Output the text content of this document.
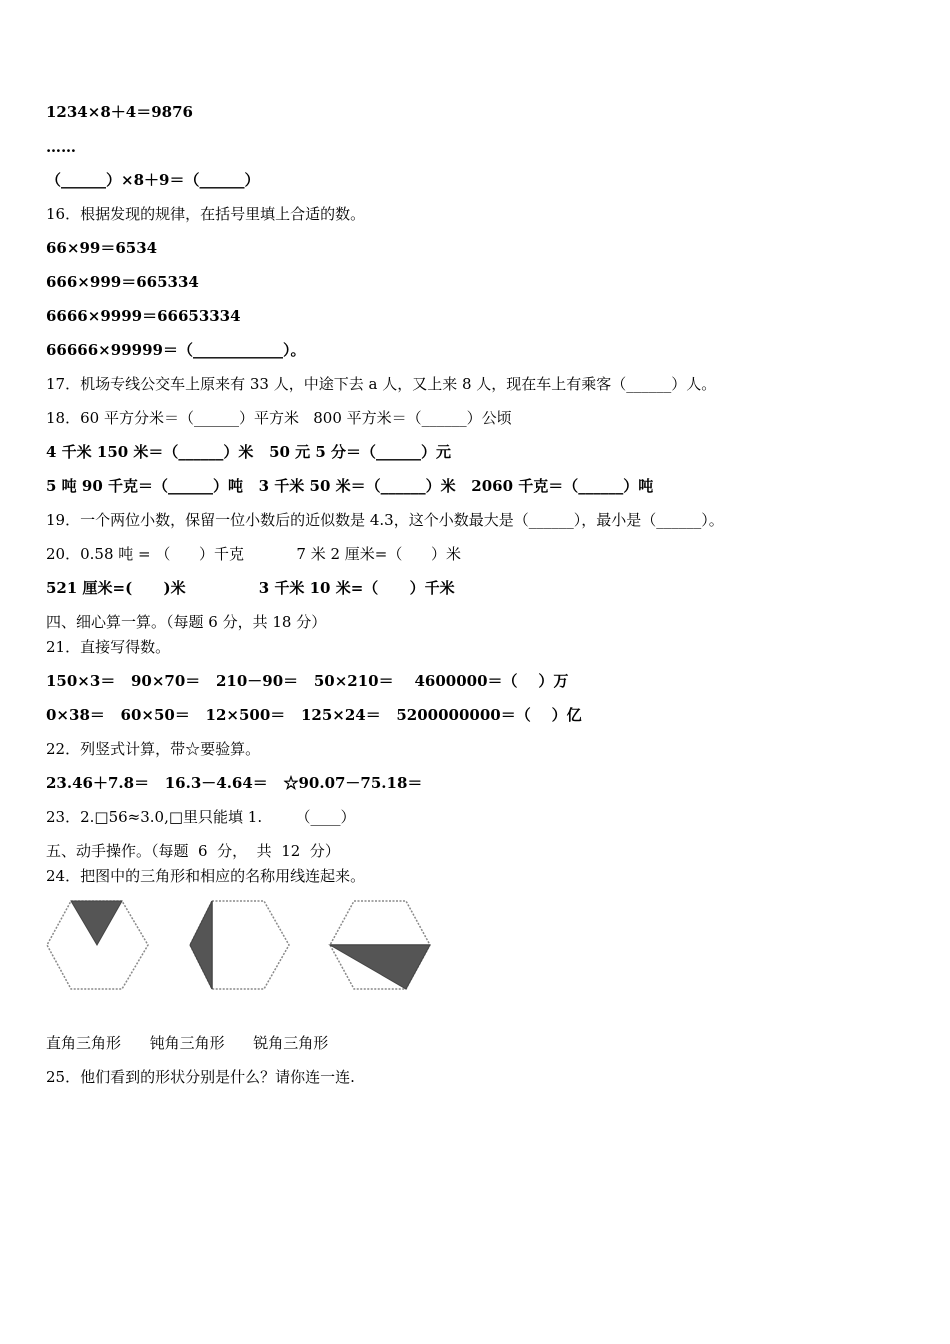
1234×8＋4＝9876
……
（______）×8＋9＝（______）
16．根据发现的规律，在括号里填上合适的数。
66×99＝6534
666×999＝665334
6666×9999＝66653334
66666×99999＝（____________）。
17．机场专线公交车上原来有 33 人，中途下去 a 人，又上来 8 人，现在车上有乘客（______）人。
18．60 平方分米＝（______）平方米   800 平方米＝（______）公顷
4 千米 150 米＝（______）米   50 元 5 分＝（______）元
5 吨 90 千克＝（______）吨   3 千米 50 米＝（______）米   2060 千克＝（______）吨
19．一个两位小数，保留一位小数后的近似数是 4.3，这个小数最大是（______），最小是（______）。
20．0.58 吨 = （      ）千克           7 米 2 厘米=（      ）米
521 厘米=(      )米              3 千米 10 米=（      ）千米
四、细心算一算。（每题 6 分，共 18 分）
21．直接写得数。
150×3＝   90×70＝   210－90＝   50×210＝    4600000＝（    ）万
0×38＝   60×50＝   12×500＝   125×24＝   5200000000＝（    ）亿
22．列竖式计算，带☆要验算。
23.46＋7.8＝   16.3－4.64＝   ☆90.07－75.18＝
23．2.□56≈3.0,□里只能填 1.       （____）
五、动手操作。（每题  6  分，  共  12  分）
24．把图中的三角形和相应的名称用线连起来。
直角三角形      钝角三角形      锐角三角形
25．他们看到的形状分别是什么？请你连一连.
